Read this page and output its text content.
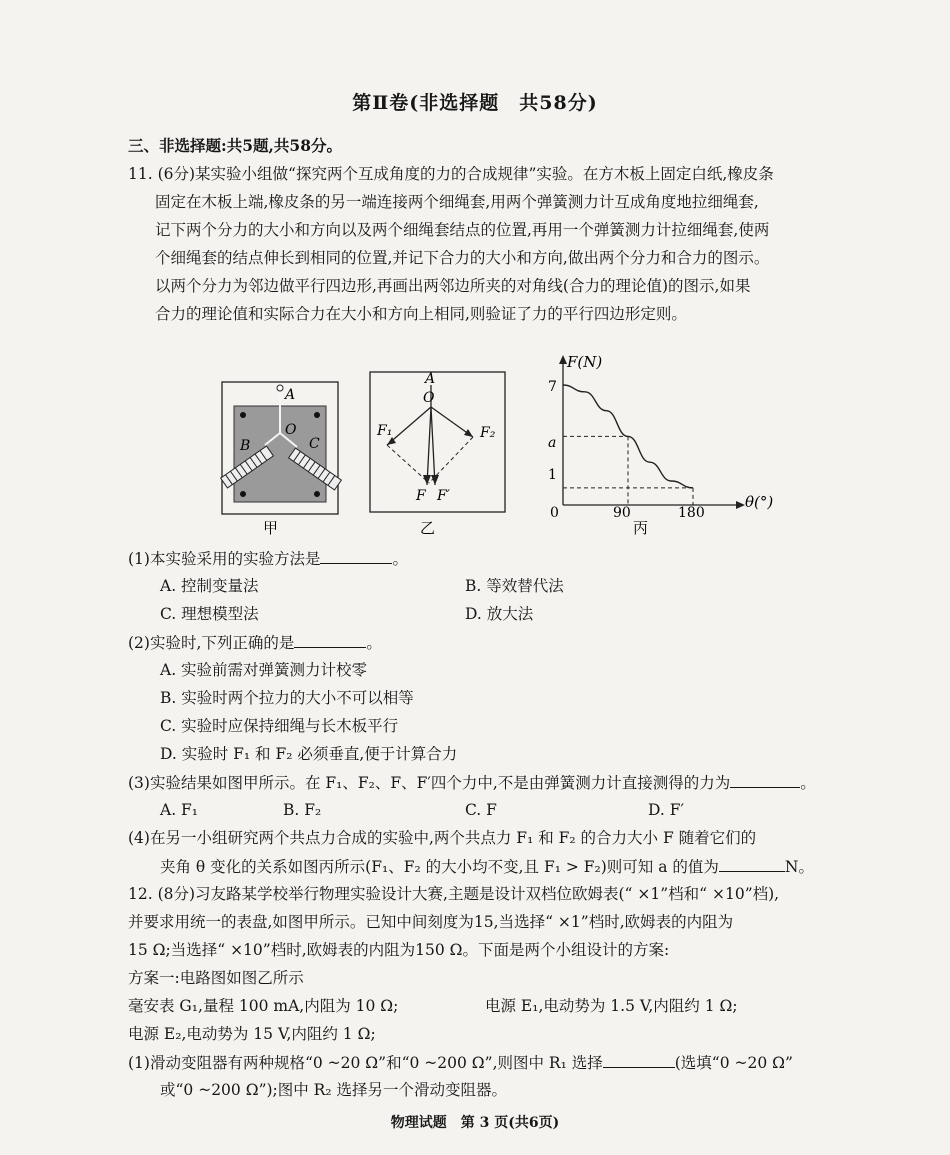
第Ⅱ卷(非选择题　共58分)
三、非选择题:共5题,共58分。
11. (6分)某实验小组做“探究两个互成角度的力的合成规律”实验。在方木板上固定白纸,橡皮条
固定在木板上端,橡皮条的另一端连接两个细绳套,用两个弹簧测力计互成角度地拉细绳套,
记下两个分力的大小和方向以及两个细绳套结点的位置,再用一个弹簧测力计拉细绳套,使两
个细绳套的结点伸长到相同的位置,并记下合力的大小和方向,做出两个分力和合力的图示。
以两个分力为邻边做平行四边形,再画出两邻边所夹的对角线(合力的理论值)的图示,如果
合力的理论值和实际合力在大小和方向上相同,则验证了力的平行四边形定则。
A
O
B	C
甲
A
O
F₁	F₂
F F′
乙
F(N)
θ(°)
0	90	180
7
a
1
丙
(1)本实验采用的实验方法是	。
A. 控制变量法	B. 等效替代法
C. 理想模型法	D. 放大法
(2)实验时,下列正确的是	。
A. 实验前需对弹簧测力计校零
B. 实验时两个拉力的大小不可以相等
C. 实验时应保持细绳与长木板平行
D. 实验时 F₁ 和 F₂ 必须垂直,便于计算合力
(3)实验结果如图甲所示。在 F₁、F₂、F、F′四个力中,不是由弹簧测力计直接测得的力为	。
A. F₁	B. F₂	C. F	D. F′
(4)在另一小组研究两个共点力合成的实验中,两个共点力 F₁ 和 F₂ 的合力大小 F 随着它们的
夹角 θ 变化的关系如图丙所示(F₁、F₂ 的大小均不变,且 F₁ > F₂)则可知 a 的值为	N。
12. (8分)习友路某学校举行物理实验设计大赛,主题是设计双档位欧姆表(“ ×1”档和“ ×10”档),
并要求用统一的表盘,如图甲所示。已知中间刻度为15,当选择“ ×1”档时,欧姆表的内阻为
15 Ω;当选择“ ×10”档时,欧姆表的内阻为150 Ω。下面是两个小组设计的方案:
方案一:电路图如图乙所示
毫安表 G₁,量程 100 mA,内阻为 10 Ω;	电源 E₁,电动势为 1.5 V,内阻约 1 Ω;
电源 E₂,电动势为 15 V,内阻约 1 Ω;
(1)滑动变阻器有两种规格“0 ~20 Ω”和“0 ~200 Ω”,则图中 R₁ 选择	(选填“0 ~20 Ω”
或“0 ~200 Ω”);图中 R₂ 选择另一个滑动变阻器。
物理试题　第 3 页(共6页)
